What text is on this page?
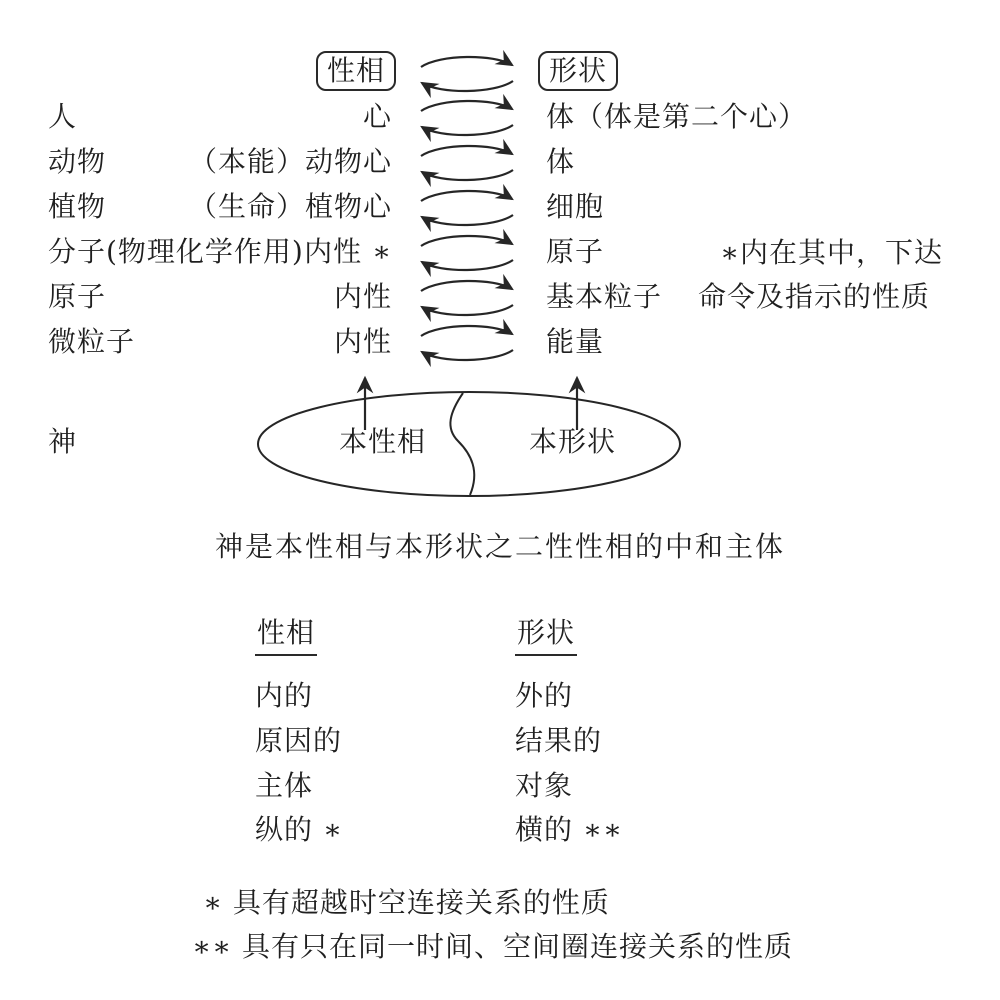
性相	形状
人	心	体（体是第二个心）
动物	（本能）动物心	体
植物	（生命）植物心	细胞
分子(物理化学作用) 内性 ∗	原子
原子	内性	基本粒子
微粒子	内性	能量
∗内在其中，下达
命令及指示的性质
神	本性相	本形状
神是本性相与本形状之二性性相的中和主体
性相	形状
内的	外的
原因的	结果的
主体	对象
纵的 ∗	横的 ∗∗
∗ 具有超越时空连接关系的性质
∗∗ 具有只在同一时间、空间圈连接关系的性质
